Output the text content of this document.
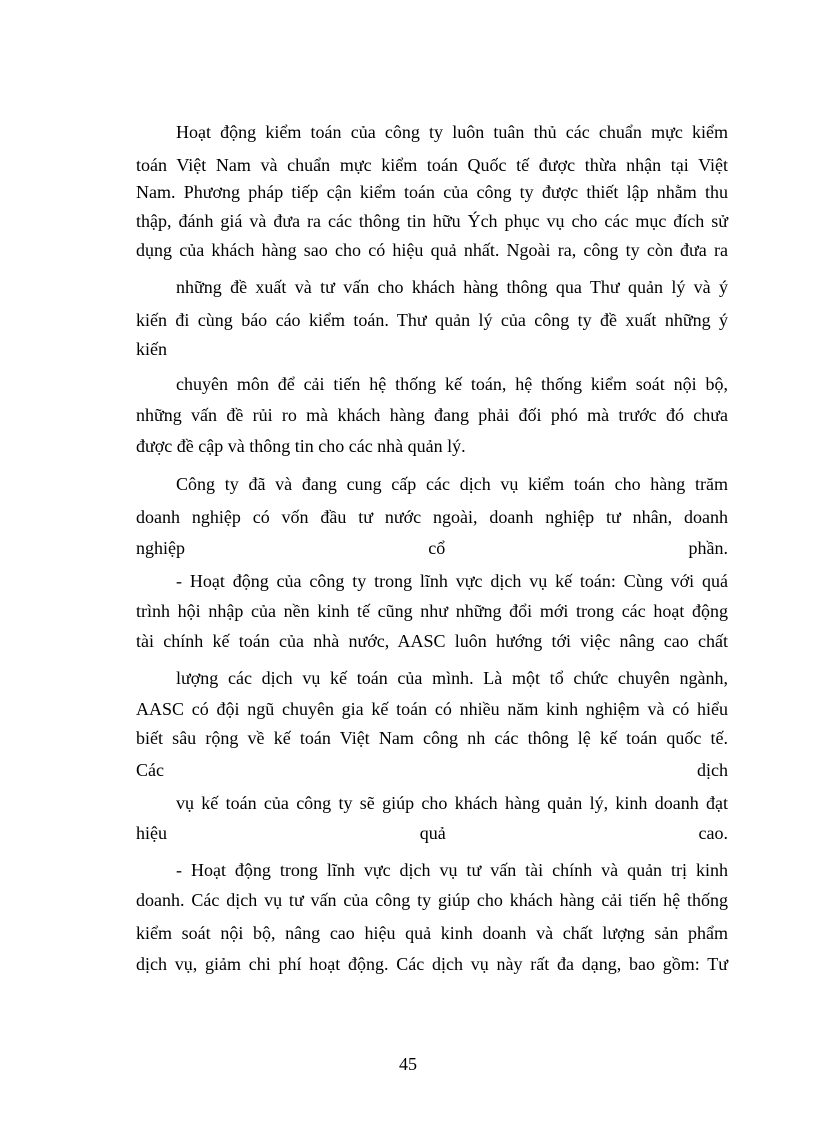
Hoạt động kiểm toán của công ty luôn tuân thủ các chuẩn mực kiểm
toán Việt Nam và chuẩn mực kiểm toán Quốc tế được thừa nhận tại Việt
Nam. Phương pháp tiếp cận kiểm toán của công ty được thiết lập nhằm thu
thập, đánh giá và đưa ra các thông tin hữu Ých phục vụ cho các mục đích sử
dụng của khách hàng sao cho có hiệu quả nhất. Ngoài ra, công ty còn đưa ra
những đề xuất và tư vấn cho khách hàng thông qua Thư quản lý và ý
kiến đi cùng báo cáo kiểm toán. Thư quản lý của công ty đề xuất những ý
kiến
chuyên môn để cải tiến hệ thống kế toán, hệ thống kiểm soát nội bộ,
những vấn đề rủi ro mà khách hàng đang phải đối phó mà trước đó chưa
được đề cập và thông tin cho các nhà quản lý.
Công ty đã và đang cung cấp các dịch vụ kiểm toán cho hàng trăm
doanh nghiệp có vốn đầu tư nước ngoài, doanh nghiệp tư nhân, doanh
nghiệp cổ phần.
- Hoạt động của công ty trong lĩnh vực dịch vụ kế toán: Cùng với quá
trình hội nhập của nền kinh tế cũng như những đổi mới trong các hoạt động
tài chính kế toán của nhà nước, AASC luôn hướng tới việc nâng cao chất
lượng các dịch vụ kế toán của mình. Là một tổ chức chuyên ngành,
AASC có đội ngũ chuyên gia kế toán có nhiều năm kinh nghiệm và có hiểu
biết sâu rộng về kế toán Việt Nam công nh các thông lệ kế toán quốc tế.
Các dịch
vụ kế toán của công ty sẽ giúp cho khách hàng quản lý, kinh doanh đạt
hiệu quả cao.
- Hoạt động trong lĩnh vực dịch vụ tư vấn tài chính và quản trị kinh
doanh. Các dịch vụ tư vấn của công ty giúp cho khách hàng cải tiến hệ thống
kiểm soát nội bộ, nâng cao hiệu quả kinh doanh và chất lượng sản phẩm
dịch vụ, giảm chi phí hoạt động. Các dịch vụ này rất đa dạng, bao gồm: Tư
45
